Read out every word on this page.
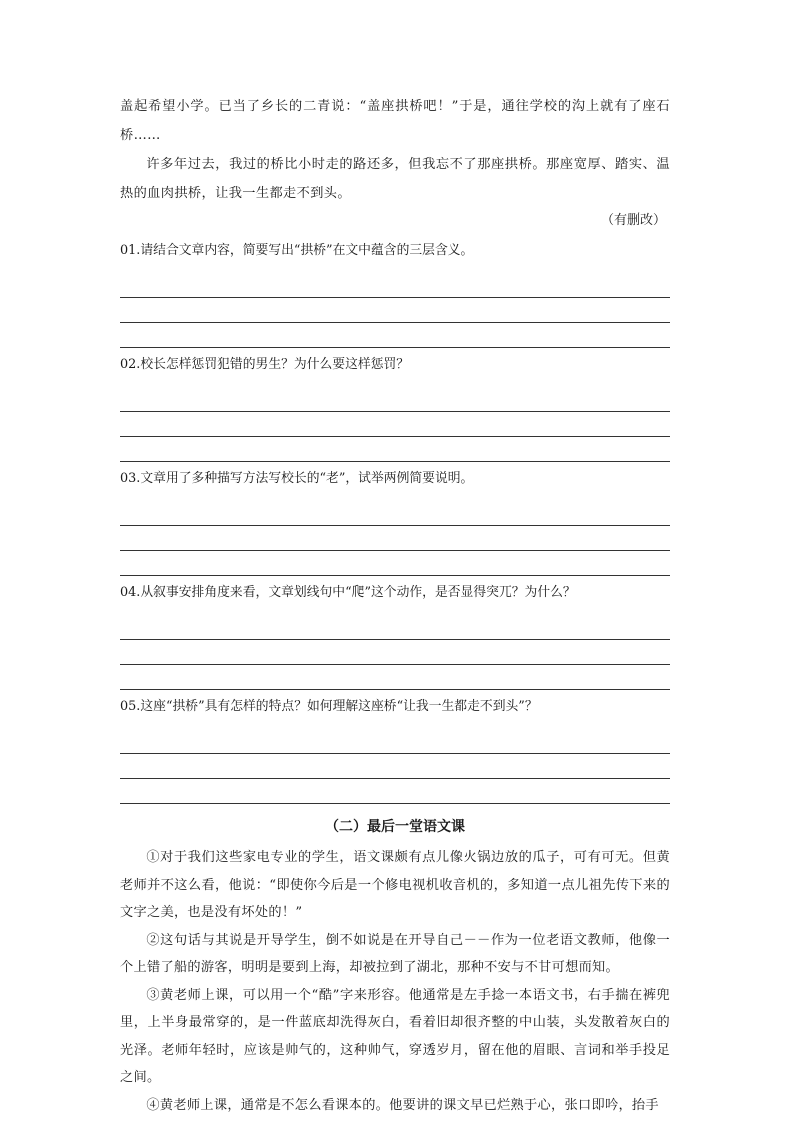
盖起希望小学。已当了乡长的二青说：“盖座拱桥吧！”于是，通往学校的沟上就有了座石桥……

许多年过去，我过的桥比小时走的路还多，但我忘不了那座拱桥。那座宽厚、踏实、温热的血肉拱桥，让我一生都走不到头。

（有删改）

01.请结合文章内容，简要写出“拱桥”在文中蕴含的三层含义。

02.校长怎样惩罚犯错的男生？为什么要这样惩罚？

03.文章用了多种描写方法写校长的“老”，试举两例简要说明。

04.从叙事安排角度来看，文章划线句中“爬”这个动作，是否显得突兀？为什么？

05.这座“拱桥”具有怎样的特点？如何理解这座桥“让我一生都走不到头”？

（二）最后一堂语文课

①对于我们这些家电专业的学生，语文课颇有点儿像火锅边放的瓜子，可有可无。但黄老师并不这么看，他说：“即使你今后是一个修电视机收音机的，多知道一点儿祖先传下来的文字之美，也是没有坏处的！”

②这句话与其说是开导学生，倒不如说是在开导自己－－作为一位老语文教师，他像一个上错了船的游客，明明是要到上海，却被拉到了湖北，那种不安与不甘可想而知。

③黄老师上课，可以用一个“酷”字来形容。他通常是左手捻一本语文书，右手揣在裤兜里，上半身最常穿的，是一件蓝底却洗得灰白，看着旧却很齐整的中山装，头发散着灰白的光泽。老师年轻时，应该是帅气的，这种帅气，穿透岁月，留在他的眉眼、言词和举手投足之间。

④黄老师上课，通常是不怎么看课本的。他要讲的课文早已烂熟于心，张口即吟，抬手
